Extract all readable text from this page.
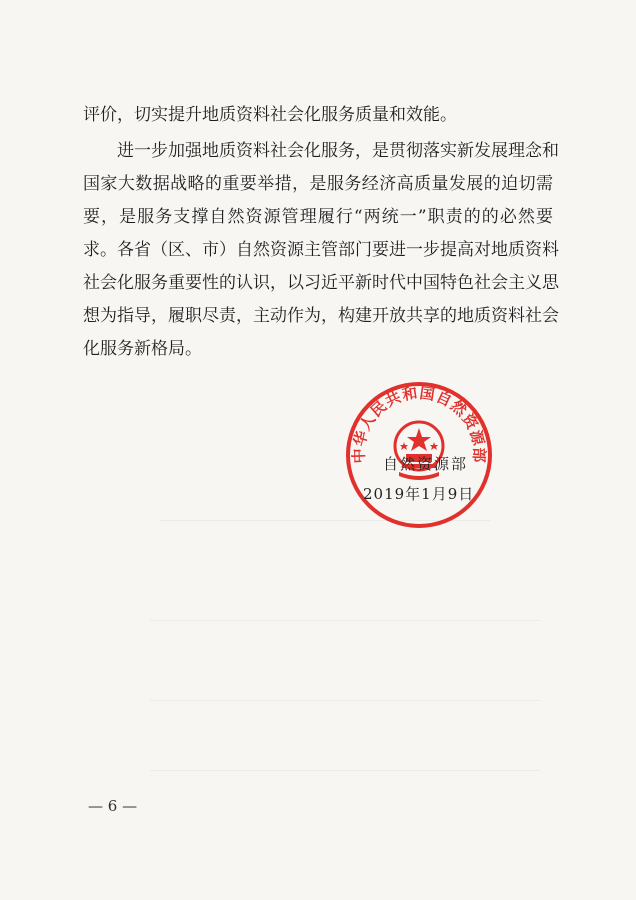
评价，切实提升地质资料社会化服务质量和效能。
进一步加强地质资料社会化服务，是贯彻落实新发展理念和
国家大数据战略的重要举措，是服务经济高质量发展的迫切需
要，是服务支撑自然资源管理履行“两统一”职责的的必然要
求。各省（区、市）自然资源主管部门要进一步提高对地质资料
社会化服务重要性的认识，以习近平新时代中国特色社会主义思
想为指导，履职尽责，主动作为，构建开放共享的地质资料社会
化服务新格局。
中华人民共和国自然资源部
自然资源部
2019年1月9日
— 6 —
